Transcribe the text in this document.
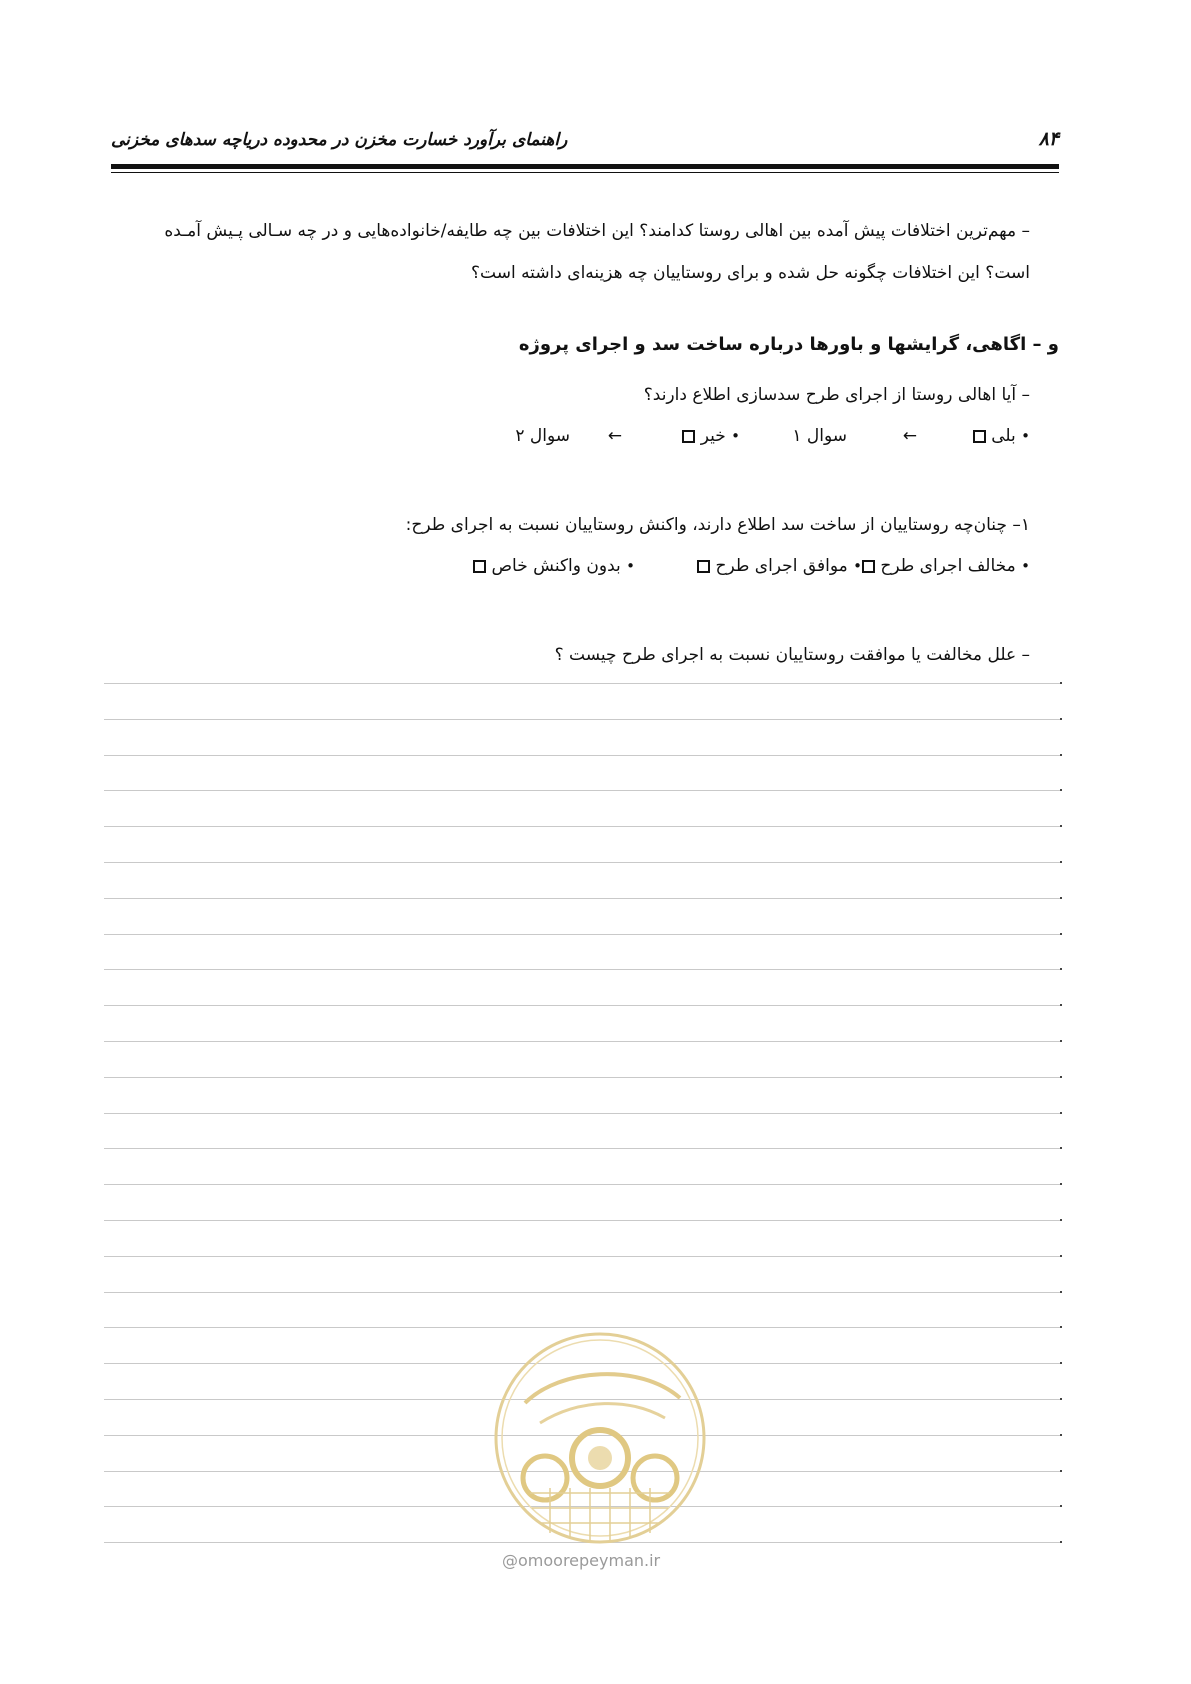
۸۴
راهنمای برآورد خسارت مخزن در محدوده دریاچه سدهای مخزنی
– مهم‌ترین اختلافات پیش آمده بین اهالی روستا کدامند؟ این اختلافات بین چه طایفه/خانواده‌هایی و در چه سـالی پـیش آمـده
است؟ این اختلافات چگونه حل شده و برای روستاییان چه هزینه‌ای داشته است؟
و – اگاهی، گرایشها و باورها درباره ساخت سد و اجرای پروژه
– آیا اهالی روستا از اجرای طرح سدسازی اطلاع دارند؟
• بلی
←
سوال ۱
• خیر
←
سوال ۲
۱– چنان‌چه روستاییان از ساخت سد اطلاع دارند، واکنش روستاییان نسبت به اجرای طرح:
• مخالف اجرای طرح
• موافق اجرای طرح
• بدون واکنش خاص
– علل مخالفت یا موافقت روستاییان نسبت به اجرای طرح چیست ؟
@omoorepeyman.ir
